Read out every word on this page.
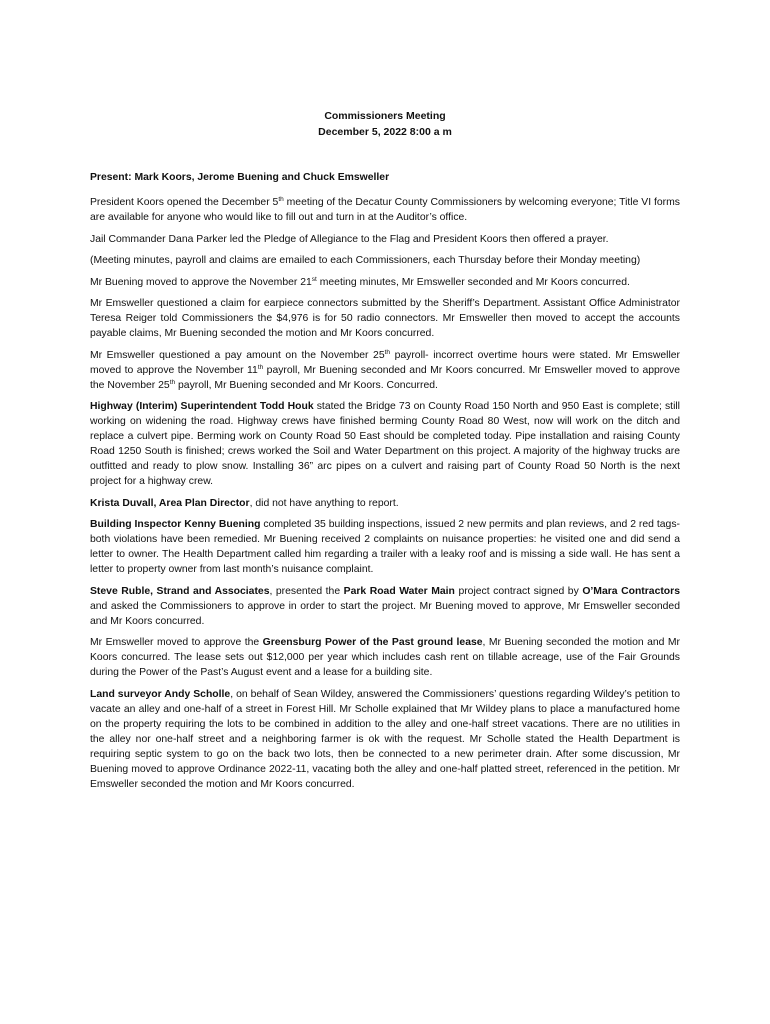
Commissioners Meeting
December 5, 2022 8:00 a m

Present: Mark Koors, Jerome Buening and Chuck Emsweller

President Koors opened the December 5th meeting of the Decatur County Commissioners by welcoming everyone; Title VI forms are available for anyone who would like to fill out and turn in at the Auditor’s office.

Jail Commander Dana Parker led the Pledge of Allegiance to the Flag and President Koors then offered a prayer.

(Meeting minutes, payroll and claims are emailed to each Commissioners, each Thursday before their Monday meeting)

Mr Buening moved to approve the November 21st meeting minutes, Mr Emsweller seconded and Mr Koors concurred.

Mr Emsweller questioned a claim for earpiece connectors submitted by the Sheriff’s Department. Assistant Office Administrator Teresa Reiger told Commissioners the $4,976 is for 50 radio connectors. Mr Emsweller then moved to accept the accounts payable claims, Mr Buening seconded the motion and Mr Koors concurred.

Mr Emsweller questioned a pay amount on the November 25th payroll- incorrect overtime hours were stated. Mr Emsweller moved to approve the November 11th payroll, Mr Buening seconded and Mr Koors concurred. Mr Emsweller moved to approve the November 25th payroll, Mr Buening seconded and Mr Koors. Concurred.

Highway (Interim) Superintendent Todd Houk stated the Bridge 73 on County Road 150 North and 950 East is complete; still working on widening the road. Highway crews have finished berming County Road 80 West, now will work on the ditch and replace a culvert pipe. Berming work on County Road 50 East should be completed today. Pipe installation and raising County Road 1250 South is finished; crews worked the Soil and Water Department on this project. A majority of the highway trucks are outfitted and ready to plow snow. Installing 36” arc pipes on a culvert and raising part of County Road 50 North is the next project for a highway crew.

Krista Duvall, Area Plan Director, did not have anything to report.

Building Inspector Kenny Buening completed 35 building inspections, issued 2 new permits and plan reviews, and 2 red tags-both violations have been remedied. Mr Buening received 2 complaints on nuisance properties: he visited one and did send a letter to owner. The Health Department called him regarding a trailer with a leaky roof and is missing a side wall. He has sent a letter to property owner from last month’s nuisance complaint.

Steve Ruble, Strand and Associates, presented the Park Road Water Main project contract signed by O’Mara Contractors and asked the Commissioners to approve in order to start the project. Mr Buening moved to approve, Mr Emsweller seconded and Mr Koors concurred.

Mr Emsweller moved to approve the Greensburg Power of the Past ground lease, Mr Buening seconded the motion and Mr Koors concurred. The lease sets out $12,000 per year which includes cash rent on tillable acreage, use of the Fair Grounds during the Power of the Past’s August event and a lease for a building site.

Land surveyor Andy Scholle, on behalf of Sean Wildey, answered the Commissioners’ questions regarding Wildey’s petition to vacate an alley and one-half of a street in Forest Hill. Mr Scholle explained that Mr Wildey plans to place a manufactured home on the property requiring the lots to be combined in addition to the alley and one-half street vacations. There are no utilities in the alley nor one-half street and a neighboring farmer is ok with the request. Mr Scholle stated the Health Department is requiring septic system to go on the back two lots, then be connected to a new perimeter drain. After some discussion, Mr Buening moved to approve Ordinance 2022-11, vacating both the alley and one-half platted street, referenced in the petition. Mr Emsweller seconded the motion and Mr Koors concurred.
